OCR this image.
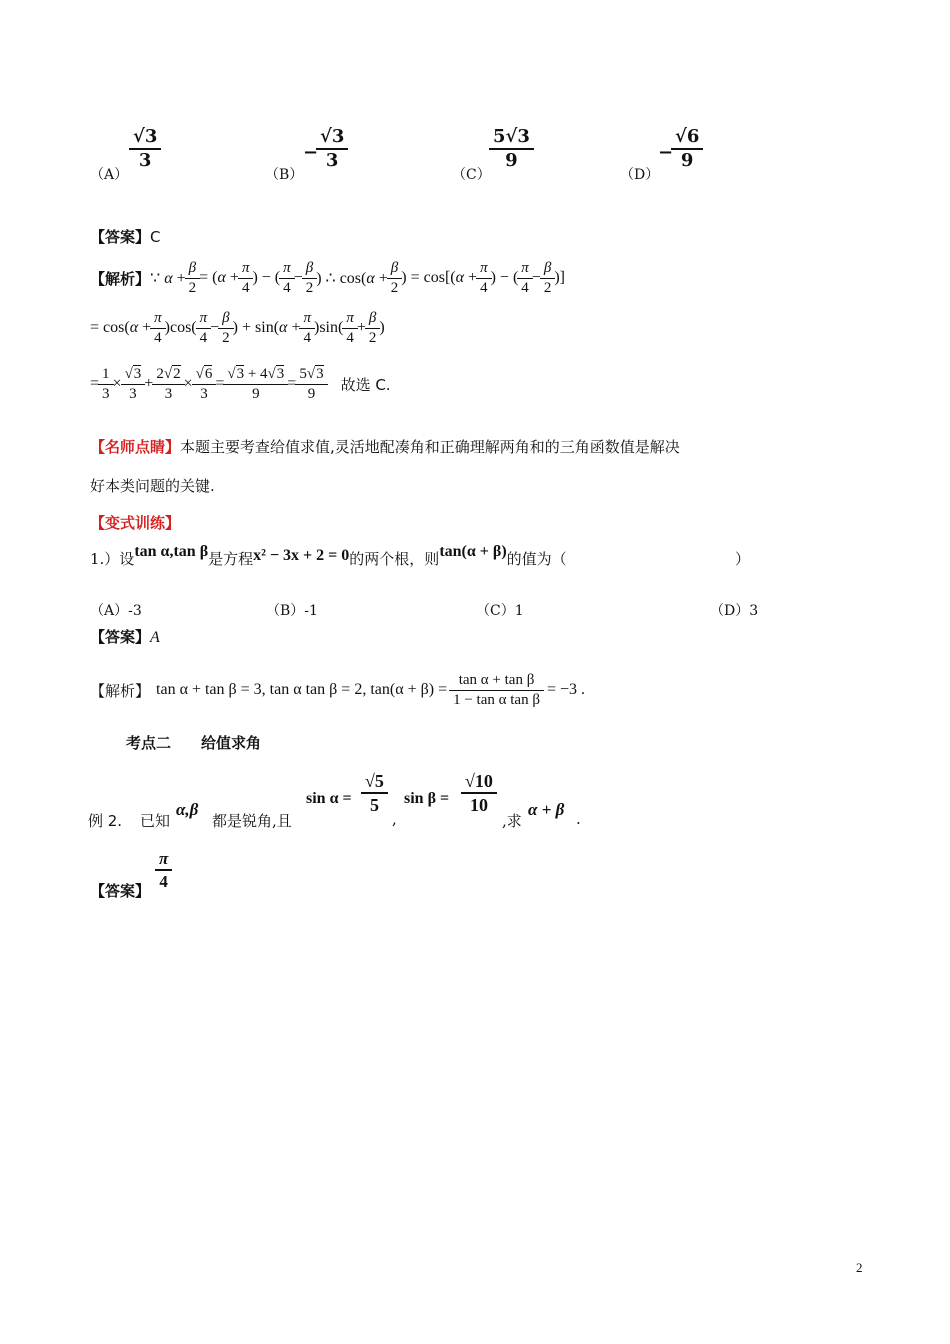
（A）
$\frac{√3}{3}$
（B）
− $\frac{√3}{3}$
（C）
$\frac{5√3}{9}$
（D）
− $\frac{√6}{9}$
【答案】C
【解析】 ∵ $\alpha + \frac{\beta}{2} = (\alpha + \frac{\pi}{4}$ ) − ( $\frac{\pi}{4} - \frac{\beta}{2}$ ) ∴ $\cos(\alpha + \frac{\beta}{2}$ ) = $\cos[(\alpha + \frac{\pi}{4}$ ) − ( $\frac{\pi}{4} - \frac{\beta}{2}$ )]
= $\cos(\alpha + \frac{\pi}{4} )\cos( \frac{\pi}{4} - \frac{\beta}{2}$ ) + $\sin(\alpha + \frac{\pi}{4} )\sin( \frac{\pi}{4} + \frac{\beta}{2}$ )
= $\frac{1}{3} \times \frac{√3}{3} + \frac{2√2}{3} \times \frac{√6}{3} = \frac{√3 + 4√3}{9} = \frac{5√3}{9}$ 故选 C.
【名师点睛】本题主要考查给值求值,灵活地配凑角和正确理解两角和的三角函数值是解决
好本类问题的关键.
【变式训练】
1.）设tan α,tan β是方程x² − 3x + 2 = 0的两个根，则tan(α + β)的值为（	）
（A）-3	（B）-1	（C）1	（D）3
【答案】A
【解析】 tan α + tan β = 3, tan α tan β = 2, $\tan(\alpha + \beta) = \frac{\text{tan α + tan β}}{\text{1 − tan α tan β}} = -3$ .
考点二　　给值求角
例 2. 已知
α,β
都是锐角,且
$\sin \alpha = \frac{√5}{5}$
,
$\sin \beta = \frac{√10}{10}$
,求
α + β .
【答案】
$\frac{\pi}{4}$
2
